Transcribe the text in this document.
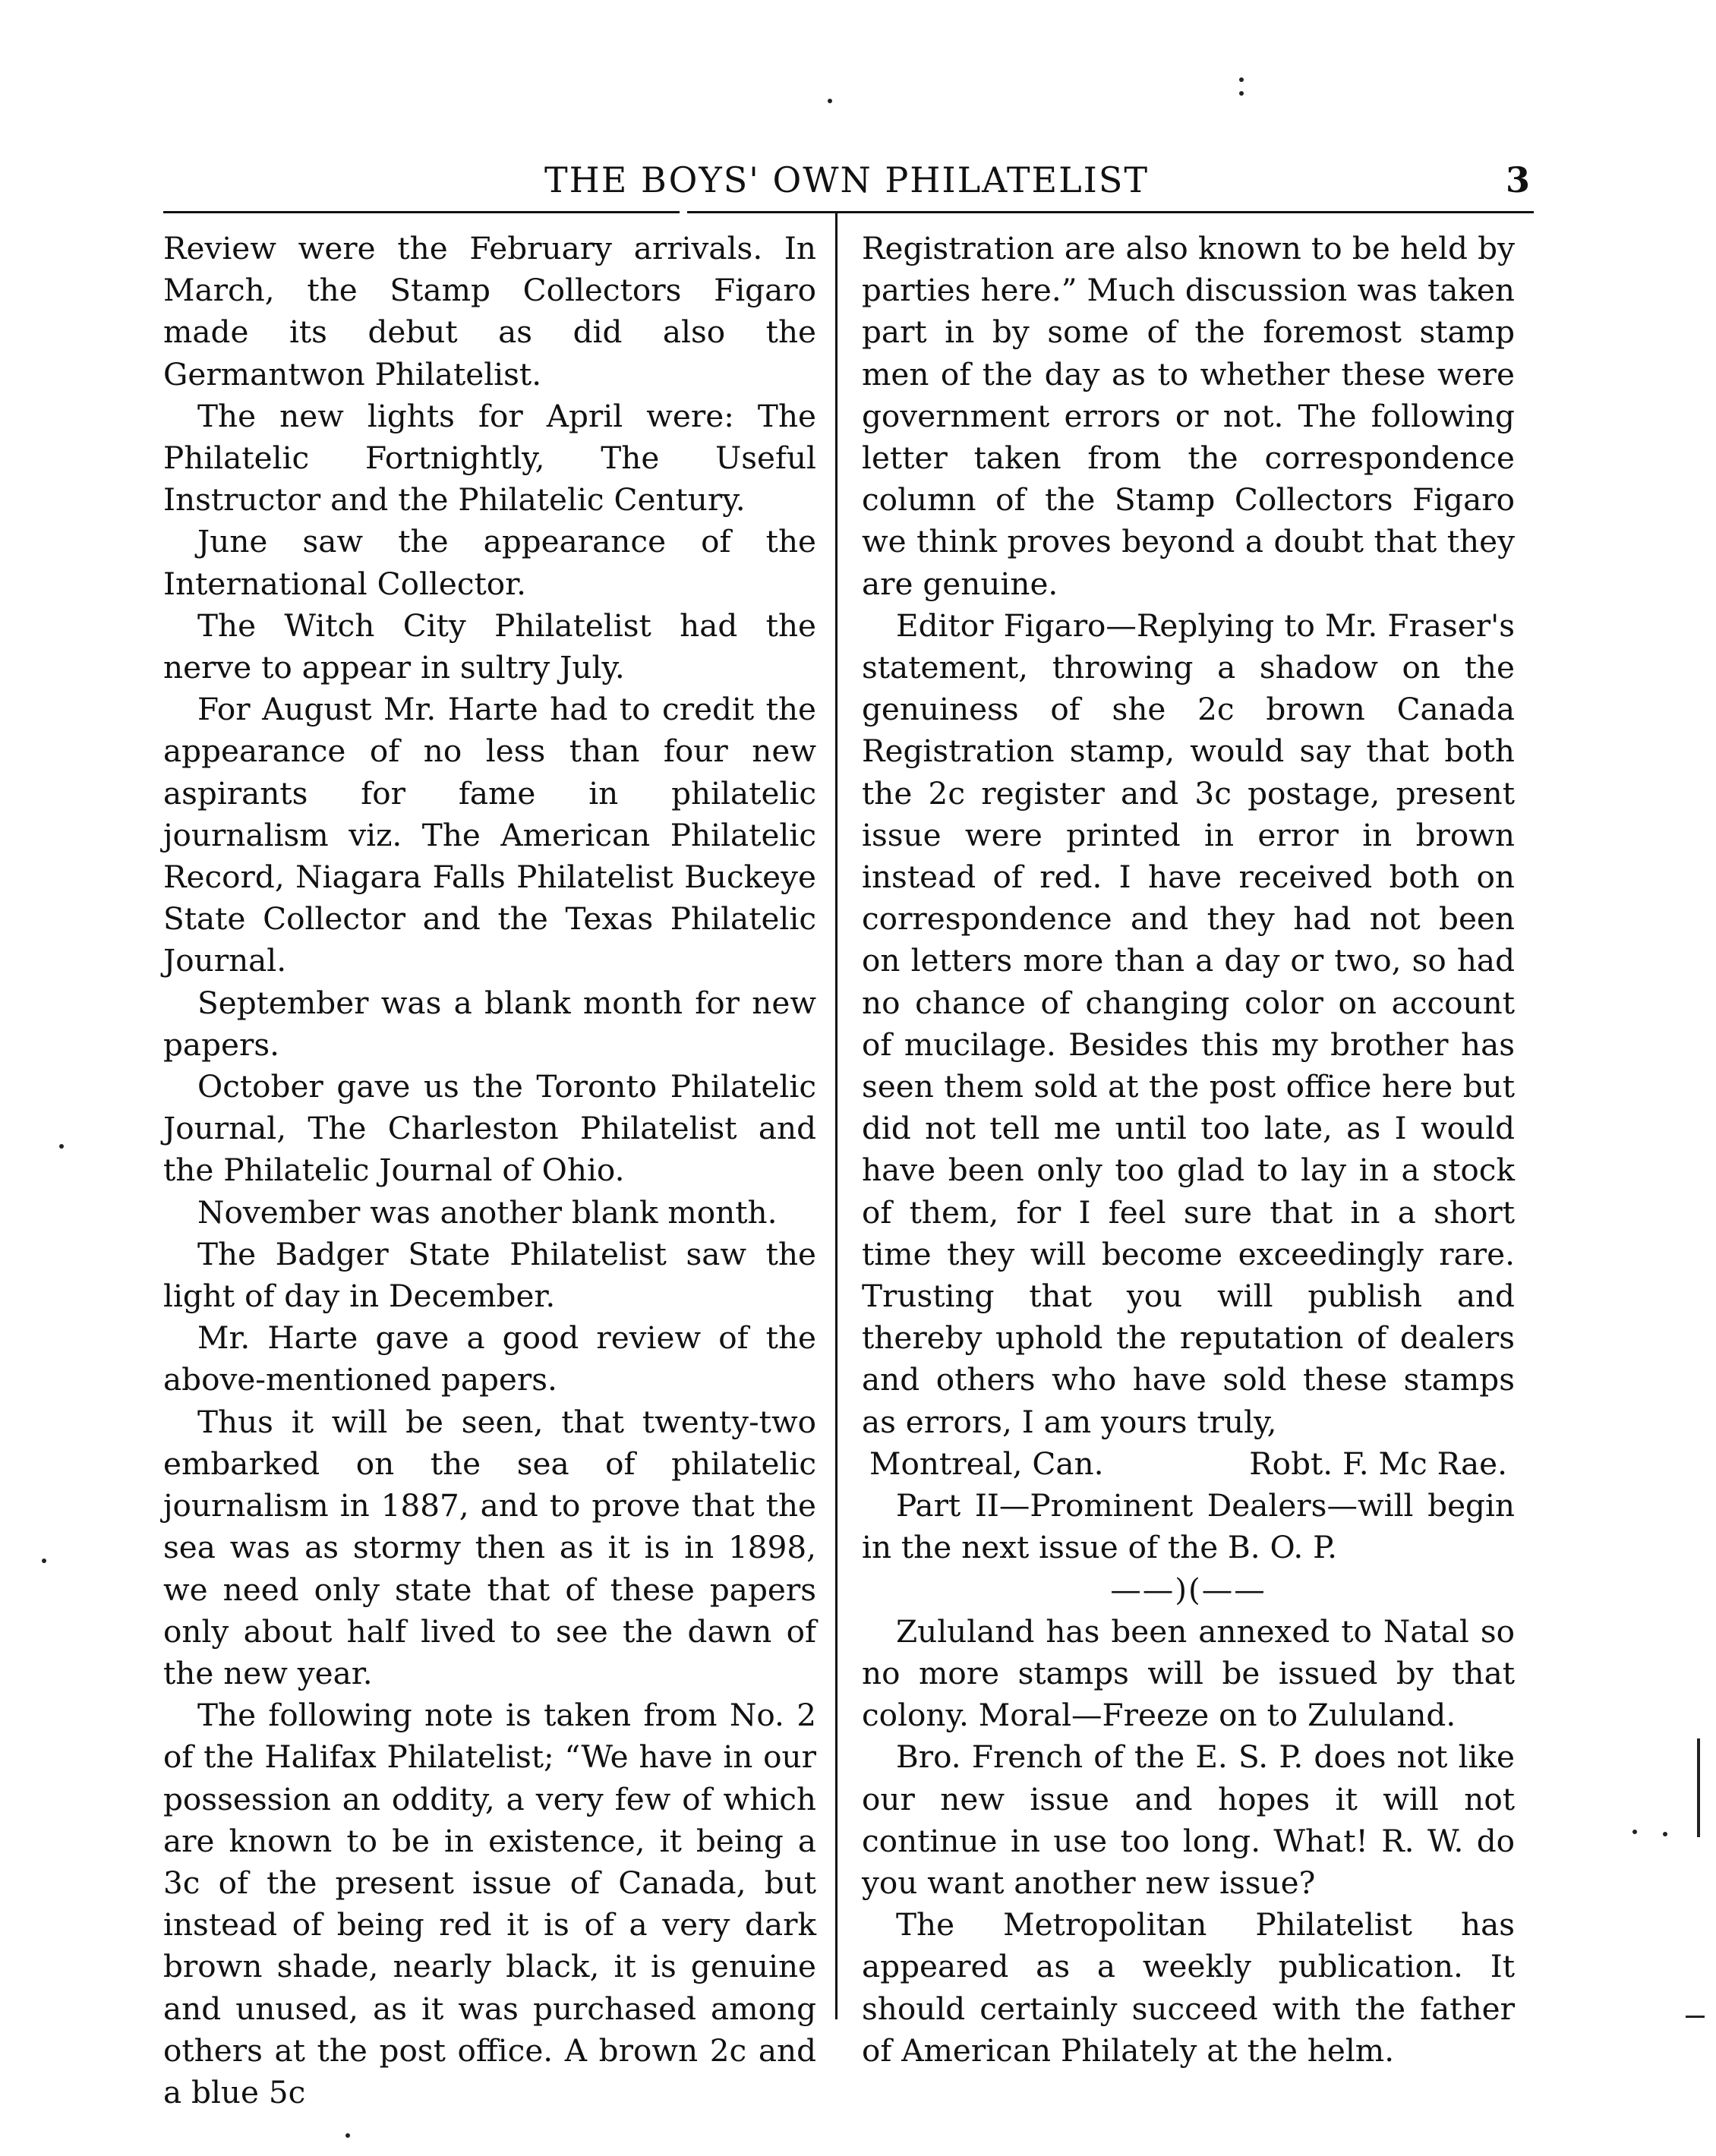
THE BOYS' OWN PHILATELIST	3

Review were the February arrivals. In March, the Stamp Collectors Figaro made its debut as did also the Germantwon Philatelist.

The new lights for April were: The Philatelic Fortnightly, The Useful Instructor and the Philatelic Century.

June saw the appearance of the International Collector.

The Witch City Philatelist had the nerve to appear in sultry July.

For August Mr. Harte had to credit the appearance of no less than four new aspirants for fame in philatelic journalism viz. The American Philatelic Record, Niagara Falls Philatelist Buckeye State Collector and the Texas Philatelic Journal.

September was a blank month for new papers.

October gave us the Toronto Philatelic Journal, The Charleston Philatelist and the Philatelic Journal of Ohio.

November was another blank month.

The Badger State Philatelist saw the light of day in December.

Mr. Harte gave a good review of the above-mentioned papers.

Thus it will be seen, that twenty-two embarked on the sea of philatelic journalism in 1887, and to prove that the sea was as stormy then as it is in 1898, we need only state that of these papers only about half lived to see the dawn of the new year.

The following note is taken from No. 2 of the Halifax Philatelist; “We have in our possession an oddity, a very few of which are known to be in existence, it being a 3c of the present issue of Canada, but instead of being red it is of a very dark brown shade, nearly black, it is genuine and unused, as it was purchased among others at the post office. A brown 2c and a blue 5c

Registration are also known to be held by parties here.” Much discussion was taken part in by some of the foremost stamp men of the day as to whether these were government errors or not. The following letter taken from the correspondence column of the Stamp Collectors Figaro we think proves beyond a doubt that they are genuine.

Editor Figaro—Replying to Mr. Fraser's statement, throwing a shadow on the genuiness of she 2c brown Canada Registration stamp, would say that both the 2c register and 3c postage, present issue were printed in error in brown instead of red. I have received both on correspondence and they had not been on letters more than a day or two, so had no chance of changing color on account of mucilage. Besides this my brother has seen them sold at the post office here but did not tell me until too late, as I would have been only too glad to lay in a stock of them, for I feel sure that in a short time they will become exceedingly rare. Trusting that you will publish and thereby uphold the reputation of dealers and others who have sold these stamps as errors, I am yours truly,

Montreal, Can.	Robt. F. Mc Rae.

Part II—Prominent Dealers—will begin in the next issue of the B. O. P.

——)(——

Zululand has been annexed to Natal so no more stamps will be issued by that colony. Moral—Freeze on to Zululand.

Bro. French of the E. S. P. does not like our new issue and hopes it will not continue in use too long. What! R. W. do you want another new issue?

The Metropolitan Philatelist has appeared as a weekly publication. It should certainly succeed with the father of American Philately at the helm.
